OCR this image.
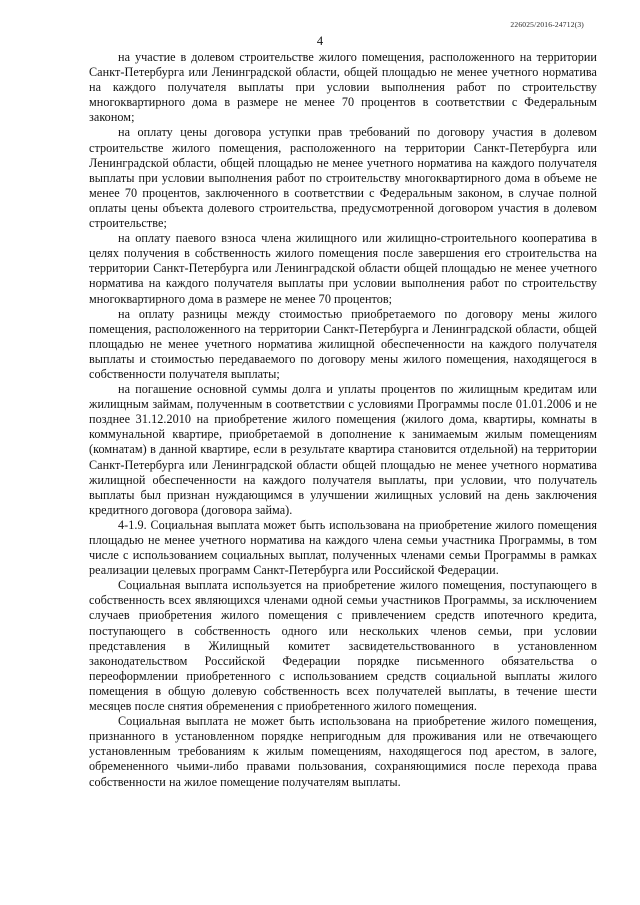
226025/2016-24712(3)
4

на участие в долевом строительстве жилого помещения, расположенного на территории Санкт-Петербурга или Ленинградской области, общей площадью не менее учетного норматива на каждого получателя выплаты при условии выполнения работ по строительству многоквартирного дома в размере не менее 70 процентов в соответствии с Федеральным законом;

на оплату цены договора уступки прав требований по договору участия в долевом строительстве жилого помещения, расположенного на территории Санкт-Петербурга или Ленинградской области, общей площадью не менее учетного норматива на каждого получателя выплаты при условии выполнения работ по строительству многоквартирного дома в объеме не менее 70 процентов, заключенного в соответствии с Федеральным законом, в случае полной оплаты цены объекта долевого строительства, предусмотренной договором участия в долевом строительстве;

на оплату паевого взноса члена жилищного или жилищно-строительного кооператива в целях получения в собственность жилого помещения после завершения его строительства на территории Санкт-Петербурга или Ленинградской области общей площадью не менее учетного норматива на каждого получателя выплаты при условии выполнения работ по строительству многоквартирного дома в размере не менее 70 процентов;

на оплату разницы между стоимостью приобретаемого по договору мены жилого помещения, расположенного на территории Санкт-Петербурга и Ленинградской области, общей площадью не менее учетного норматива жилищной обеспеченности на каждого получателя выплаты и стоимостью передаваемого по договору мены жилого помещения, находящегося в собственности получателя выплаты;

на погашение основной суммы долга и уплаты процентов по жилищным кредитам или жилищным займам, полученным в соответствии с условиями Программы после 01.01.2006 и не позднее 31.12.2010 на приобретение жилого помещения (жилого дома, квартиры, комнаты в коммунальной квартире, приобретаемой в дополнение к занимаемым жилым помещениям (комнатам) в данной квартире, если в результате квартира становится отдельной) на территории Санкт-Петербурга или Ленинградской области общей площадью не менее учетного норматива жилищной обеспеченности на каждого получателя выплаты, при условии, что получатель выплаты был признан нуждающимся в улучшении жилищных условий на день заключения кредитного договора (договора займа).

4-1.9. Социальная выплата может быть использована на приобретение жилого помещения площадью не менее учетного норматива на каждого члена семьи участника Программы, в том числе с использованием социальных выплат, полученных членами семьи Программы в рамках реализации целевых программ Санкт-Петербурга или Российской Федерации.

Социальная выплата используется на приобретение жилого помещения, поступающего в собственность всех являющихся членами одной семьи участников Программы, за исключением случаев приобретения жилого помещения с привлечением средств ипотечного кредита, поступающего в собственность одного или нескольких членов семьи, при условии представления в Жилищный комитет засвидетельствованного в установленном законодательством Российской Федерации порядке письменного обязательства о переоформлении приобретенного с использованием средств социальной выплаты жилого помещения в общую долевую собственность всех получателей выплаты, в течение шести месяцев после снятия обременения с приобретенного жилого помещения.

Социальная выплата не может быть использована на приобретение жилого помещения, признанного в установленном порядке непригодным для проживания или не отвечающего установленным требованиям к жилым помещениям, находящегося под арестом, в залоге, обремененного чьими-либо правами пользования, сохраняющимися после перехода права собственности на жилое помещение получателям выплаты.
